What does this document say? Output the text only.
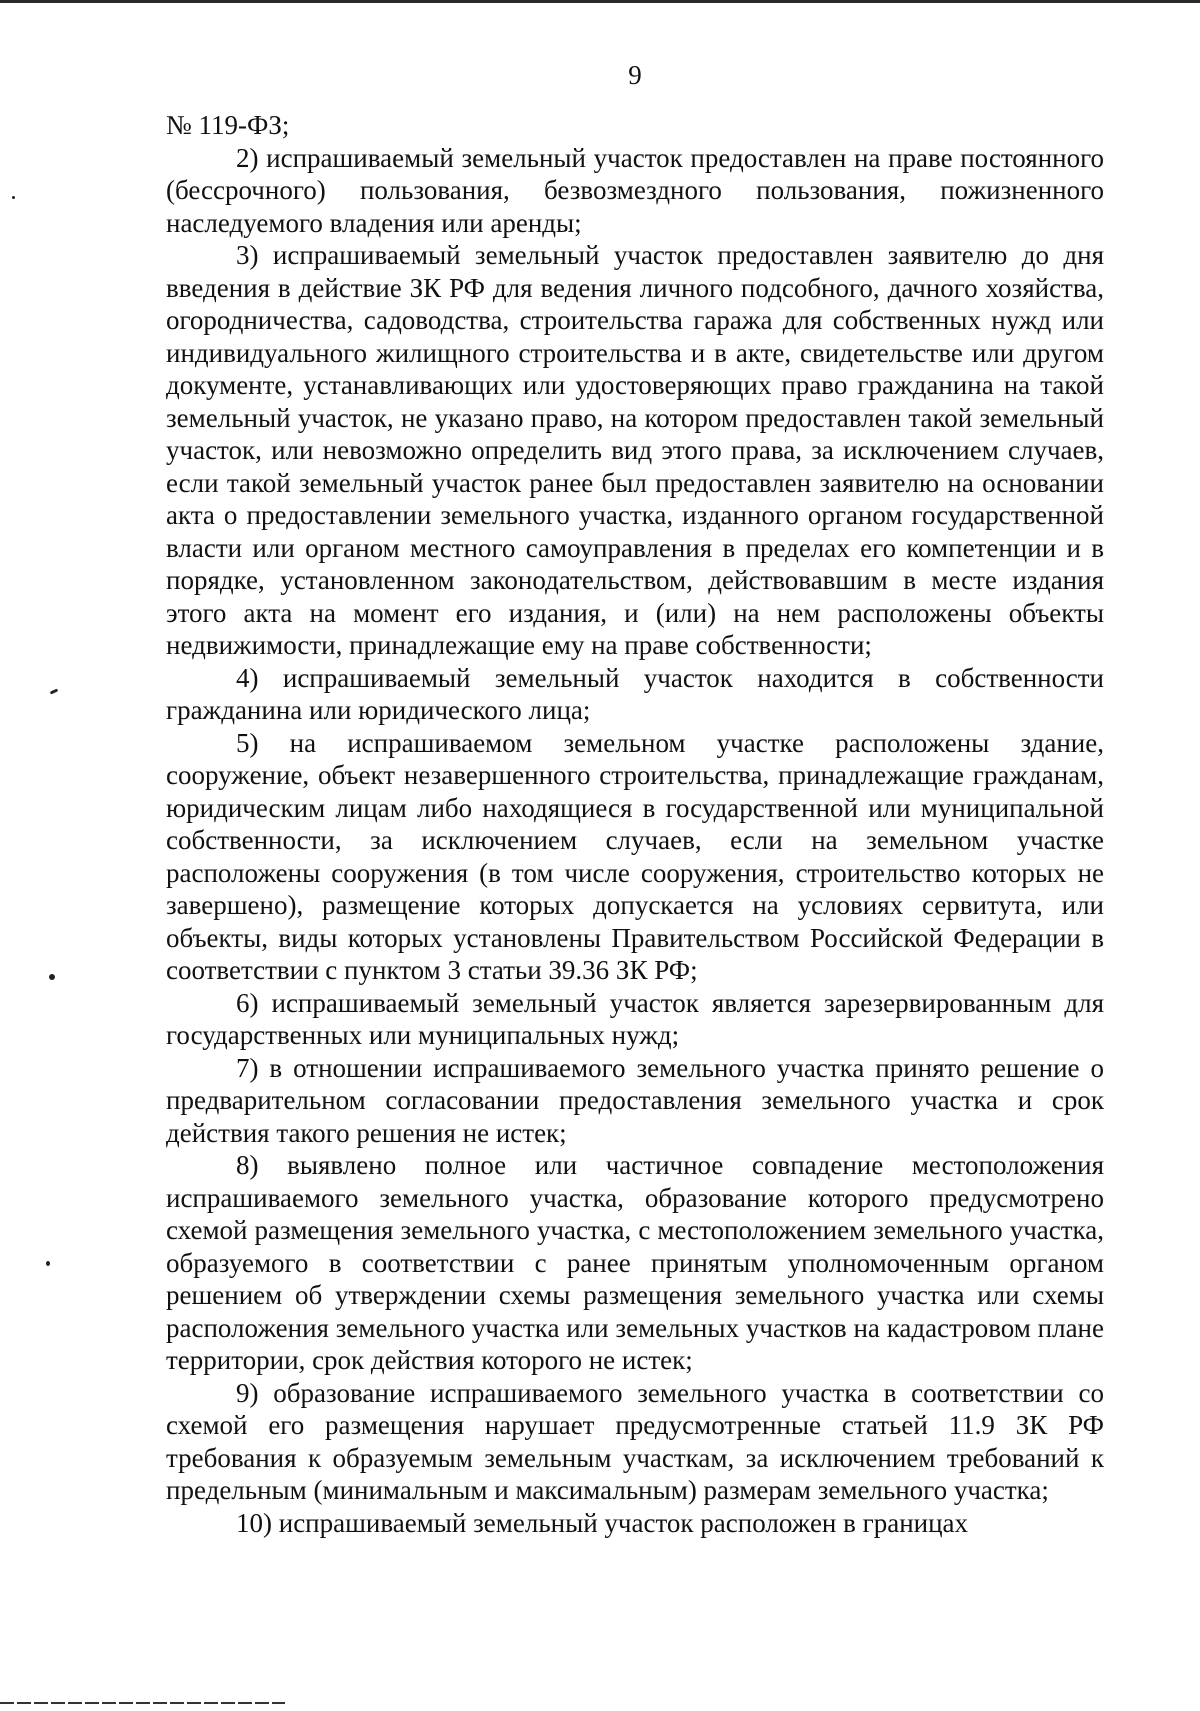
9

№ 119-ФЗ;

2) испрашиваемый земельный участок предоставлен на праве постоянного (бессрочного) пользования, безвозмездного пользования, пожизненного наследуемого владения или аренды;

3) испрашиваемый земельный участок предоставлен заявителю до дня введения в действие ЗК РФ для ведения личного подсобного, дачного хозяйства, огородничества, садоводства, строительства гаража для собственных нужд или индивидуального жилищного строительства и в акте, свидетельстве или другом документе, устанавливающих или удостоверяющих право гражданина на такой земельный участок, не указано право, на котором предоставлен такой земельный участок, или невозможно определить вид этого права, за исключением случаев, если такой земельный участок ранее был предоставлен заявителю на основании акта о предоставлении земельного участка, изданного органом государственной власти или органом местного самоуправления в пределах его компетенции и в порядке, установленном законодательством, действовавшим в месте издания этого акта на момент его издания, и (или) на нем расположены объекты недвижимости, принадлежащие ему на праве собственности;

4) испрашиваемый земельный участок находится в собственности гражданина или юридического лица;

5) на испрашиваемом земельном участке расположены здание, сооружение, объект незавершенного строительства, принадлежащие гражданам, юридическим лицам либо находящиеся в государственной или муниципальной собственности, за исключением случаев, если на земельном участке расположены сооружения (в том числе сооружения, строительство которых не завершено), размещение которых допускается на условиях сервитута, или объекты, виды которых установлены Правительством Российской Федерации в соответствии с пунктом 3 статьи 39.36 ЗК РФ;

6) испрашиваемый земельный участок является зарезервированным для государственных или муниципальных нужд;

7) в отношении испрашиваемого земельного участка принято решение о предварительном согласовании предоставления земельного участка и срок действия такого решения не истек;

8) выявлено полное или частичное совпадение местоположения испрашиваемого земельного участка, образование которого предусмотрено схемой размещения земельного участка, с местоположением земельного участка, образуемого в соответствии с ранее принятым уполномоченным органом решением об утверждении схемы размещения земельного участка или схемы расположения земельного участка или земельных участков на кадастровом плане территории, срок действия которого не истек;

9) образование испрашиваемого земельного участка в соответствии со схемой его размещения нарушает предусмотренные статьей 11.9 ЗК РФ требования к образуемым земельным участкам, за исключением требований к предельным (минимальным и максимальным) размерам земельного участка;

10) испрашиваемый земельный участок расположен в границах
